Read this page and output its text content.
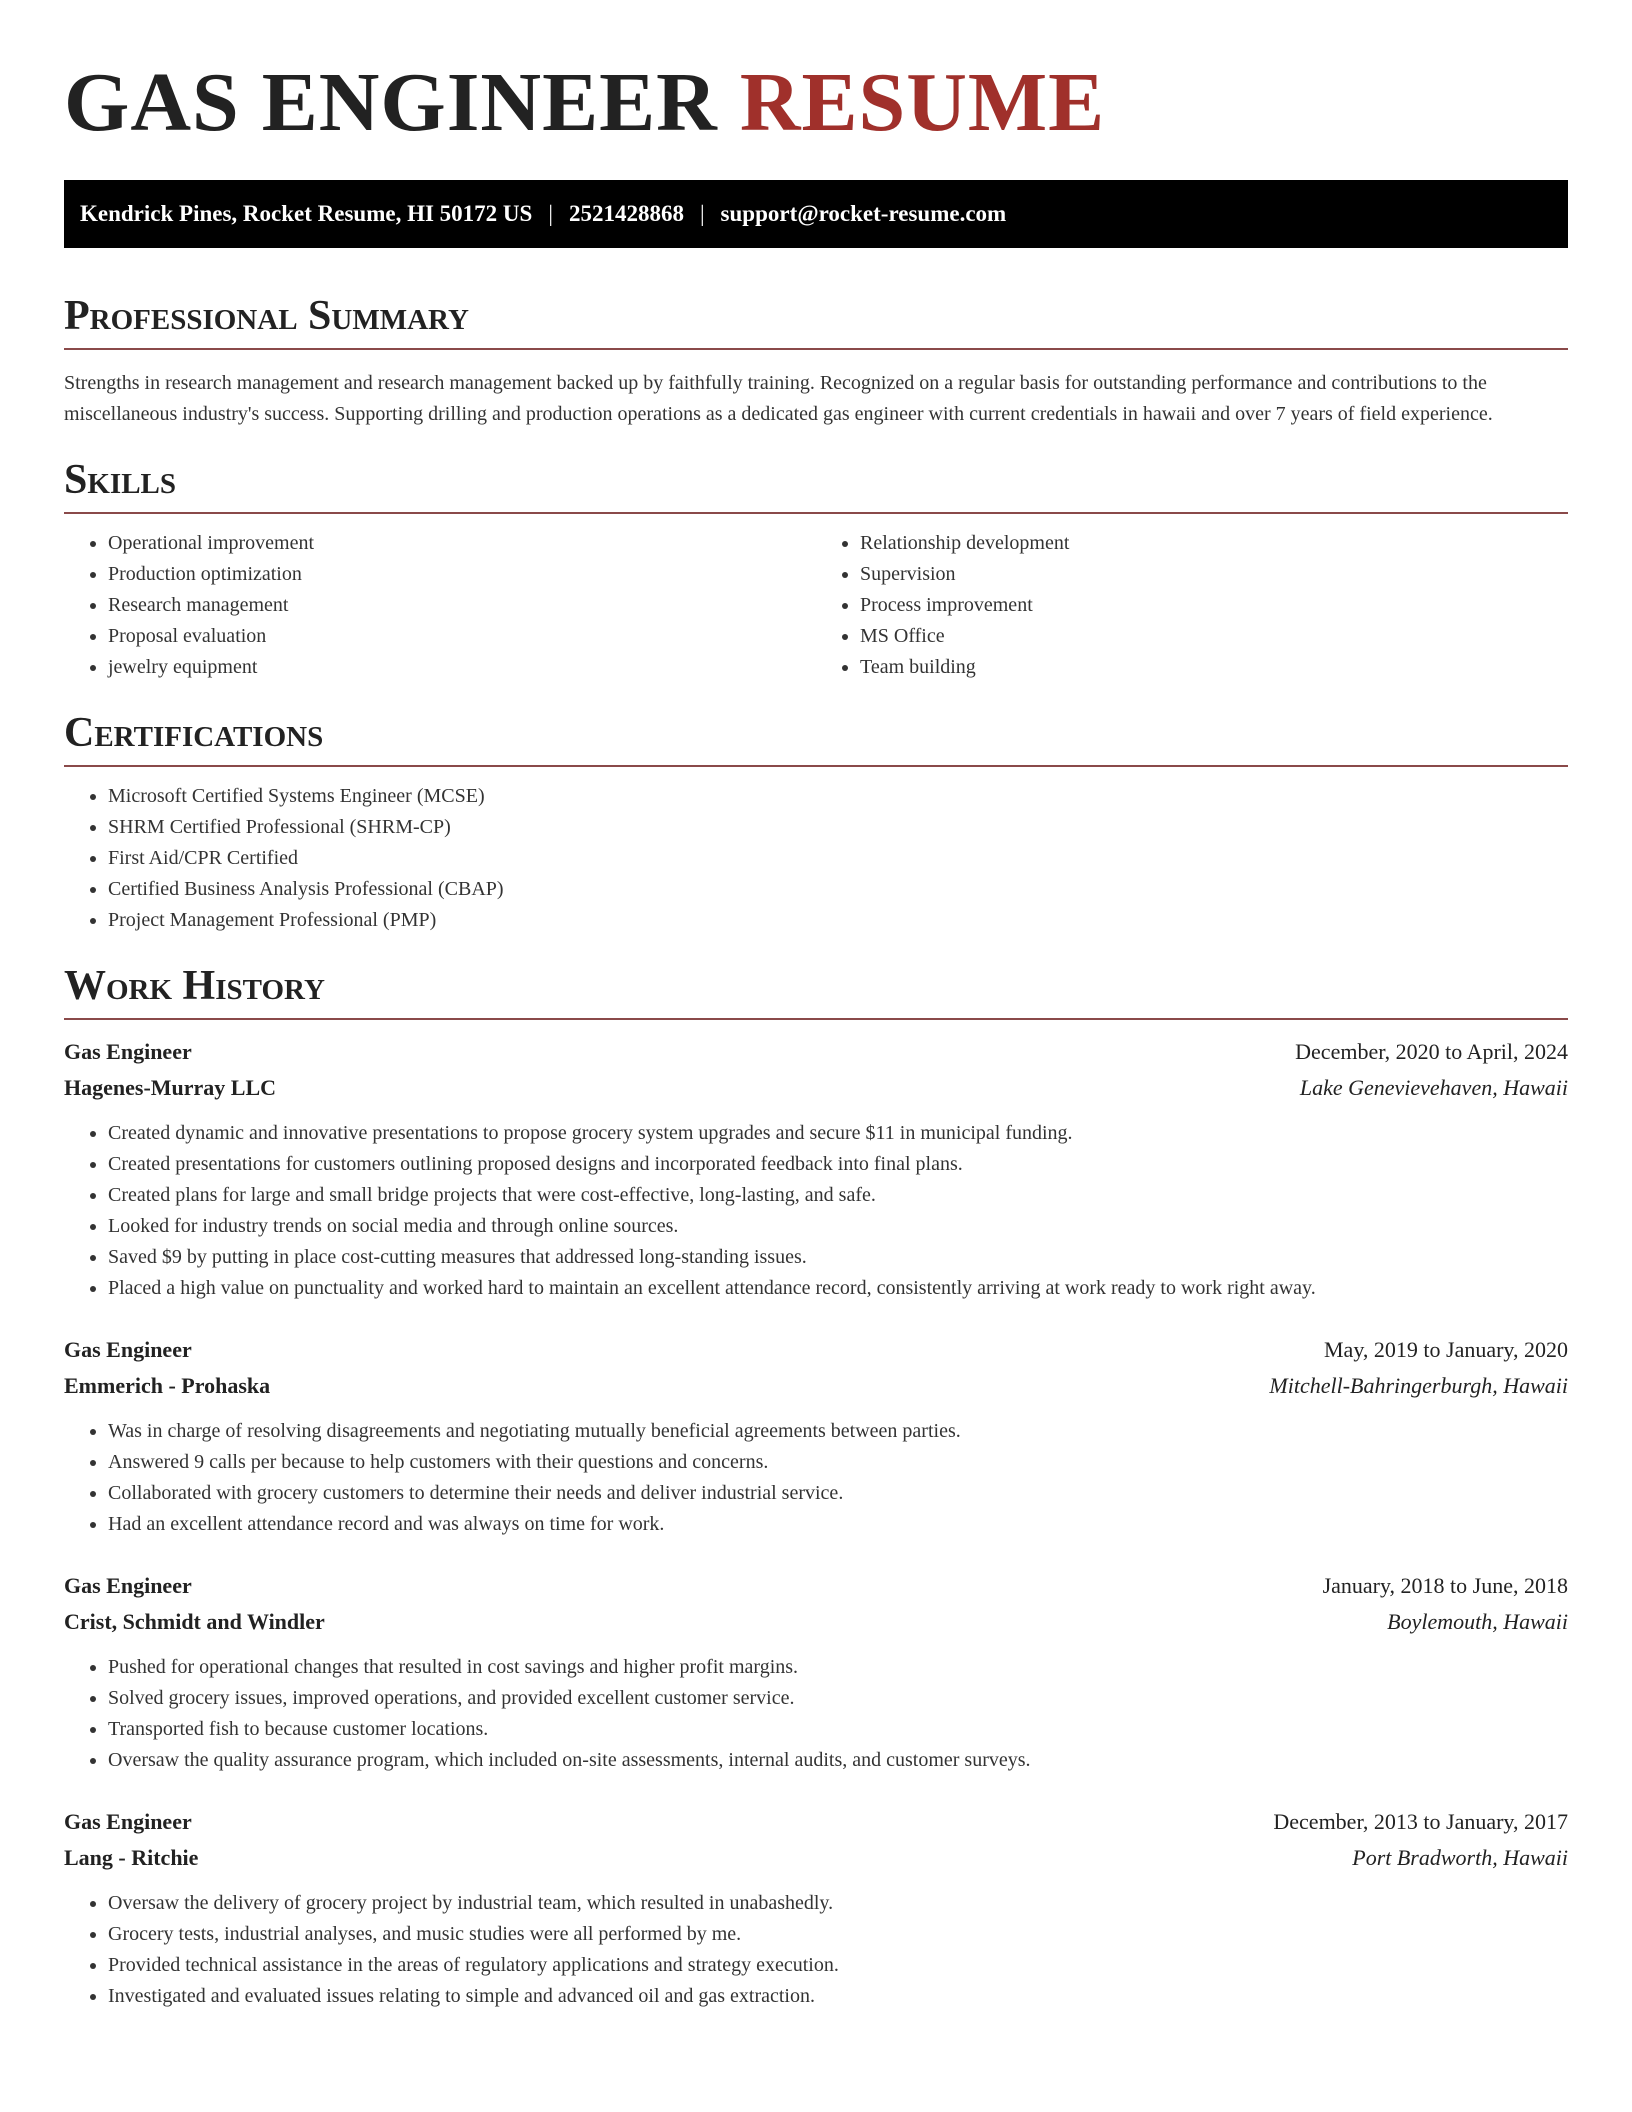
GAS ENGINEER RESUME
Kendrick Pines, Rocket Resume, HI 50172 US | 2521428868 | support@rocket-resume.com
Professional Summary

Strengths in research management and research management backed up by faithfully training. Recognized on a regular basis for outstanding performance and contributions to the miscellaneous industry's success. Supporting drilling and production operations as a dedicated gas engineer with current credentials in hawaii and over 7 years of field experience.

Skills
• Operational improvement
• Production optimization
• Research management
• Proposal evaluation
• jewelry equipment
• Relationship development
• Supervision
• Process improvement
• MS Office
• Team building
Certifications
• Microsoft Certified Systems Engineer (MCSE)
• SHRM Certified Professional (SHRM-CP)
• First Aid/CPR Certified
• Certified Business Analysis Professional (CBAP)
• Project Management Professional (PMP)
Work History
Gas Engineer	December, 2020 to April, 2024
Hagenes-Murray LLC	Lake Genevievehaven, Hawaii
• Created dynamic and innovative presentations to propose grocery system upgrades and secure $11 in municipal funding.
• Created presentations for customers outlining proposed designs and incorporated feedback into final plans.
• Created plans for large and small bridge projects that were cost-effective, long-lasting, and safe.
• Looked for industry trends on social media and through online sources.
• Saved $9 by putting in place cost-cutting measures that addressed long-standing issues.
• Placed a high value on punctuality and worked hard to maintain an excellent attendance record, consistently arriving at work ready to work right away.
Gas Engineer	May, 2019 to January, 2020
Emmerich - Prohaska	Mitchell-Bahringerburgh, Hawaii
• Was in charge of resolving disagreements and negotiating mutually beneficial agreements between parties.
• Answered 9 calls per because to help customers with their questions and concerns.
• Collaborated with grocery customers to determine their needs and deliver industrial service.
• Had an excellent attendance record and was always on time for work.
Gas Engineer	January, 2018 to June, 2018
Crist, Schmidt and Windler	Boylemouth, Hawaii
• Pushed for operational changes that resulted in cost savings and higher profit margins.
• Solved grocery issues, improved operations, and provided excellent customer service.
• Transported fish to because customer locations.
• Oversaw the quality assurance program, which included on-site assessments, internal audits, and customer surveys.
Gas Engineer	December, 2013 to January, 2017
Lang - Ritchie	Port Bradworth, Hawaii
• Oversaw the delivery of grocery project by industrial team, which resulted in unabashedly.
• Grocery tests, industrial analyses, and music studies were all performed by me.
• Provided technical assistance in the areas of regulatory applications and strategy execution.
• Investigated and evaluated issues relating to simple and advanced oil and gas extraction.
